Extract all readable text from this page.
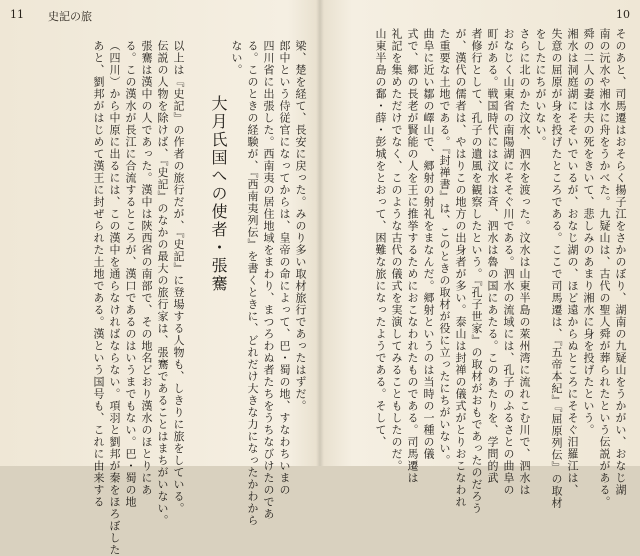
11 史記の旅
梁、楚を経て、長安に戻った。みのり多い取材旅行であったはずだ。
郎中という侍従官になってからは、皇帝の命によって、巴・蜀の地、すなわちいまの
四川省に出張した。西南夷の居住地域をまわり、まつろわぬ者たちをうちなびけたのであ
る。このときの経験が、『西南夷列伝』を書くときに、どれだけ大きな力になったかわから
ない。
大月氏国への使者・張騫
以上は『史記』の作者の旅行だが、『史記』に登場する人物も、しきりに旅をしている。
伝説の人物を除けば、『史記』のなかの最大の旅行家は、張騫であることはまちがいない。
張騫は漢中の人であった。漢中は陝西省の南部で、その地名どおり漢水のほとりにあ
る。この漢水が長江に合流するところが、漢口であるのはいうまでもない。巴・蜀の地
（四川）から中原に出るには、この漢中を通らなければならない。項羽と劉邦が秦をほろぼした
あと、劉邦がはじめて漢王に封ぜられた土地である。漢という国号も、これに由来する
10
そのあと、司馬遷はおそらく揚子江をさかのぼり、湖南の九疑山をうかがい、おなじ湖
南の沅水や湘水に舟をうかべた。九疑山は、古代の聖人舜が葬られたという伝説がある。
舜の二人の妻は夫の死をきいて、悲しみのあまり湘水に身を投げたという。
湘水は洞庭湖にそそいでいるが、おなじ湖の、ほど遠からぬところにそそぐ汨羅江は、
失意の屈原が身を投げたところである。ここで司馬遷は、『五帝本紀』『屈原列伝』の取材
をしたにちがいない。
さらに北のかた汶水、泗水を渡った。汶水は山東半島の萊州湾に流れこむ川で、泗水は
おなじく山東省の南陽湖にそそぐ川である。泗水の流域には、孔子のふるさとの曲阜の
町がある。戦国時代には汶水は斉、泗水は魯の国にあたる。このあたりを、学問的武
者修行として、孔子の遺風を観察したという。『孔子世家』の取材がおもであったのだろう
が、漢代の儒者は、やはりこの地方の出身者が多い。泰山は封禅の儀式がとりおこなわれ
た重要な土地である。『封禅書』は、このときの取材が役に立ったにちがいない。
曲阜に近い鄒の嶧山で、郷射の射礼をまなんだ。郷射というのは当時の一種の儀
式で、郷の長老が賢能の人を王に推挙するためにおこなわれたものである。司馬遷は
礼記を集めただけでなく、このような古代の儀式を実演してみることもしたのだ。
山東半島の鄱・薛・彭城をとおって、困難な旅になったようである。そして、
